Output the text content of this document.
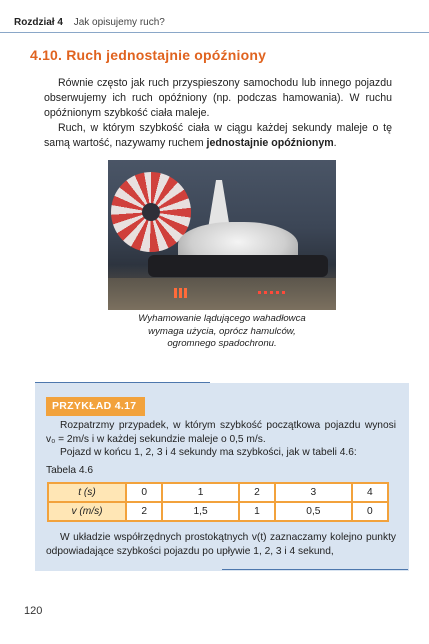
Rozdział 4 Jak opisujemy ruch?
4.10. Ruch jednostajnie opóźniony

Równie często jak ruch przyspieszony samochodu lub innego pojazdu obserwujemy ich ruch opóźniony (np. podczas hamowania). W ruchu opóźnionym szybkość ciała maleje.

Ruch, w którym szybkość ciała w ciągu każdej sekundy maleje o tę samą wartość, nazywamy ruchem jednostajnie opóźnionym.

Wyhamowanie lądującego wahadłowca
wymaga użycia, oprócz hamulców,
ogromnego spadochronu.
PRZYKŁAD 4.17

Rozpatrzmy przypadek, w którym szybkość początkowa pojazdu wynosi v₀ = 2m/s i w każdej sekundzie maleje o 0,5 m/s.

Pojazd w końcu 1, 2, 3 i 4 sekundy ma szybkości, jak w tabeli 4.6:

Tabela 4.6
t (s)	0	1	2	3	4
v (m/s)	2	1,5	1	0,5	0

W układzie współrzędnych prostokątnych v(t) zaznaczamy kolejno punkty odpowiadające szybkości pojazdu po upływie 1, 2, 3 i 4 sekund,

120
